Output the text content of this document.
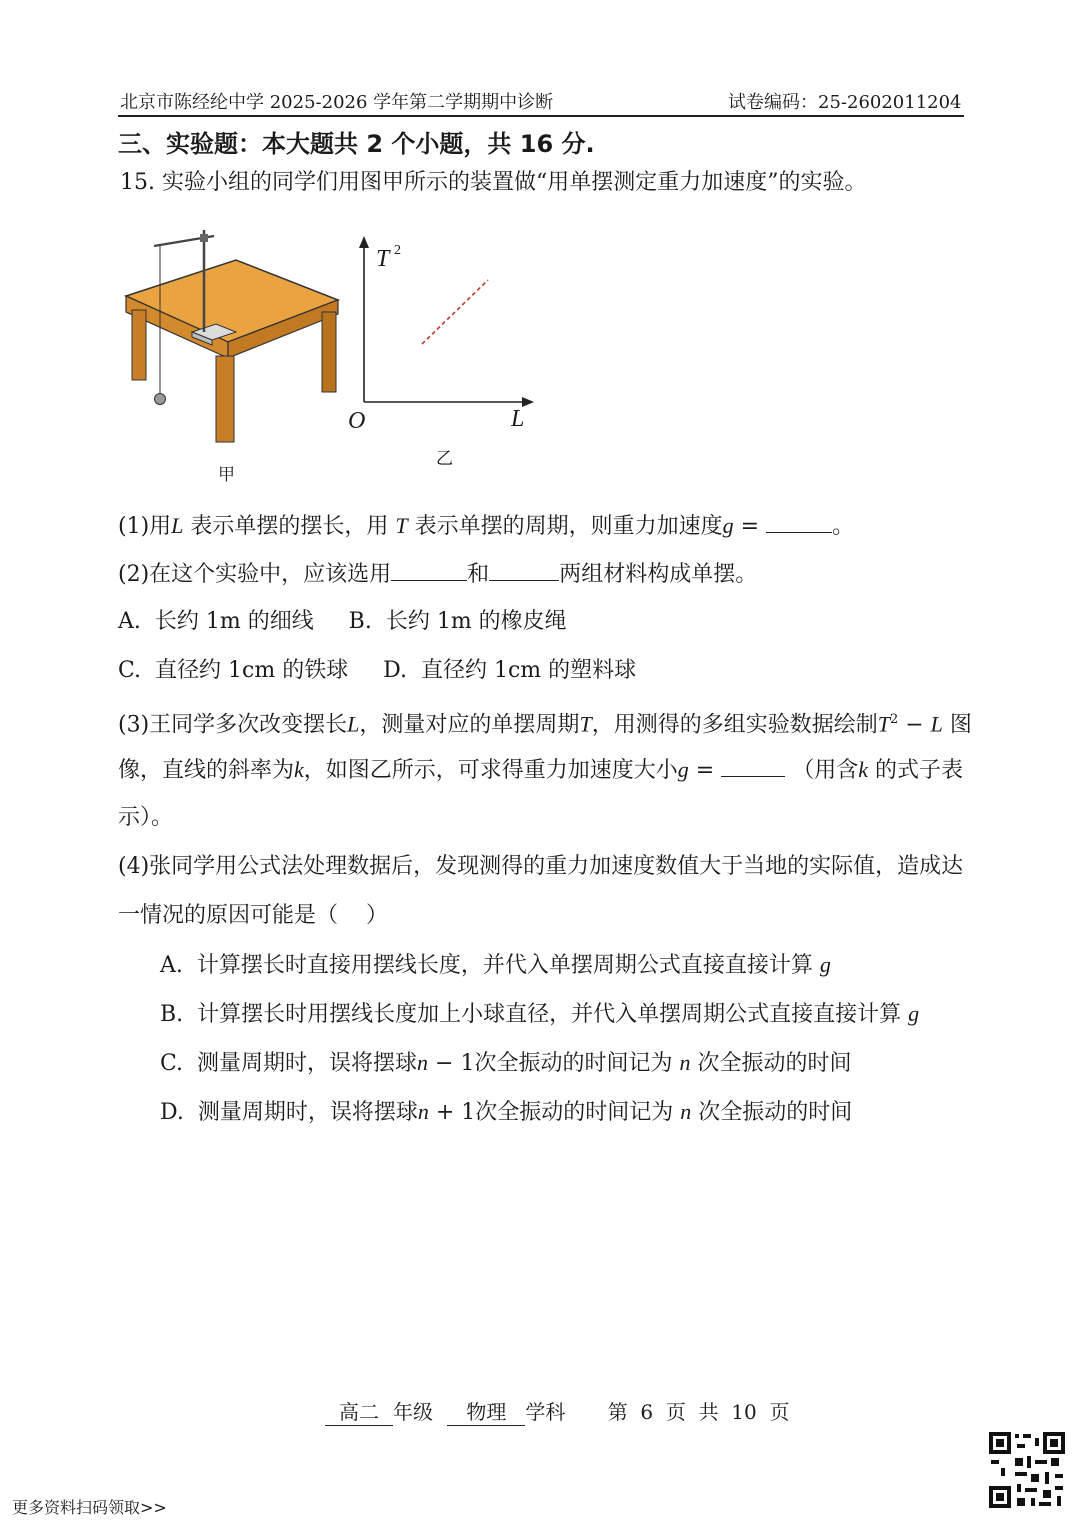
北京市陈经纶中学 2025-2026 学年第二学期期中诊断	试卷编码：25-2602011204
三、实验题：本大题共 2 个小题，共 16 分.
15. 实验小组的同学们用图甲所示的装置做“用单摆测定重力加速度”的实验。
甲
T 2
L
O
乙
(1)用L 表示单摆的摆长，用 T 表示单摆的周期，则重力加速度g =	。
(2)在这个实验中，应该选用	和	两组材料构成单摆。
A.  长约 1m 的细线     B.  长约 1m 的橡皮绳
C.  直径约 1cm 的铁球     D.  直径约 1cm 的塑料球
(3)王同学多次改变摆长L，测量对应的单摆周期T，用测得的多组实验数据绘制$T^2 - L$ 图
像，直线的斜率为k，如图乙所示，可求得重力加速度大小g =	（用含k 的式子表
示）。
(4)张同学用公式法处理数据后，发现测得的重力加速度数值大于当地的实际值，造成达
一情况的原因可能是（    ）
A.  计算摆长时直接用摆线长度，并代入单摆周期公式直接直接计算 g
B.  计算摆长时用摆线长度加上小球直径，并代入单摆周期公式直接直接计算 g
C.  测量周期时，误将摆球n − 1次全振动的时间记为 n 次全振动的时间
D.  测量周期时，误将摆球n + 1次全振动的时间记为 n 次全振动的时间
高二 年级 物理 学科 第  6  页  共  10  页
更多资料扫码领取>>
